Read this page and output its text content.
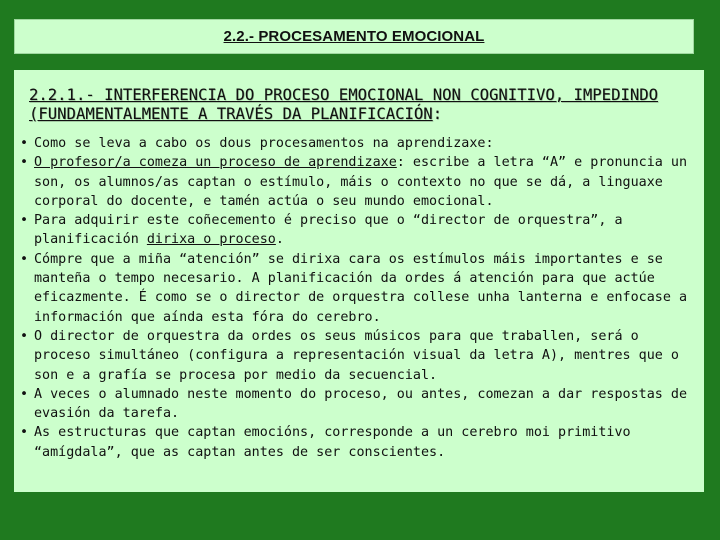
2.2.- PROCESAMENTO EMOCIONAL

2.2.1.- INTERFERENCIA DO PROCESO EMOCIONAL NON COGNITIVO, IMPEDINDO (FUNDAMENTALMENTE A TRAVÉS DA PLANIFICACIÓN:

• Como se leva a cabo os dous procesamentos na aprendizaxe:
• O profesor/a comeza un proceso de aprendizaxe: escribe a letra “A” e pronuncia un son, os alumnos/as captan o estímulo, máis o contexto no que se dá, a linguaxe corporal do docente, e tamén actúa o seu mundo emocional.
• Para adquirir este coñecemento é preciso que o “director de orquestra”, a planificación dirixa o proceso.
• Cómpre que a miña “atención” se dirixa cara os estímulos máis importantes e se manteña o tempo necesario. A planificación da ordes á atención para que actúe eficazmente. É como se o director de orquestra collese unha lanterna e enfocase a información que aínda esta fóra do cerebro.
• O director de orquestra da ordes os seus músicos para que traballen, será o proceso simultáneo (configura a representación visual da letra A), mentres que o son e a grafía se procesa por medio da secuencial.
• A veces o alumnado neste momento do proceso, ou antes, comezan a dar respostas de evasión da tarefa.
• As estructuras que captan emocións, corresponde a un cerebro moi primitivo “amígdala”, que as captan antes de ser conscientes.
